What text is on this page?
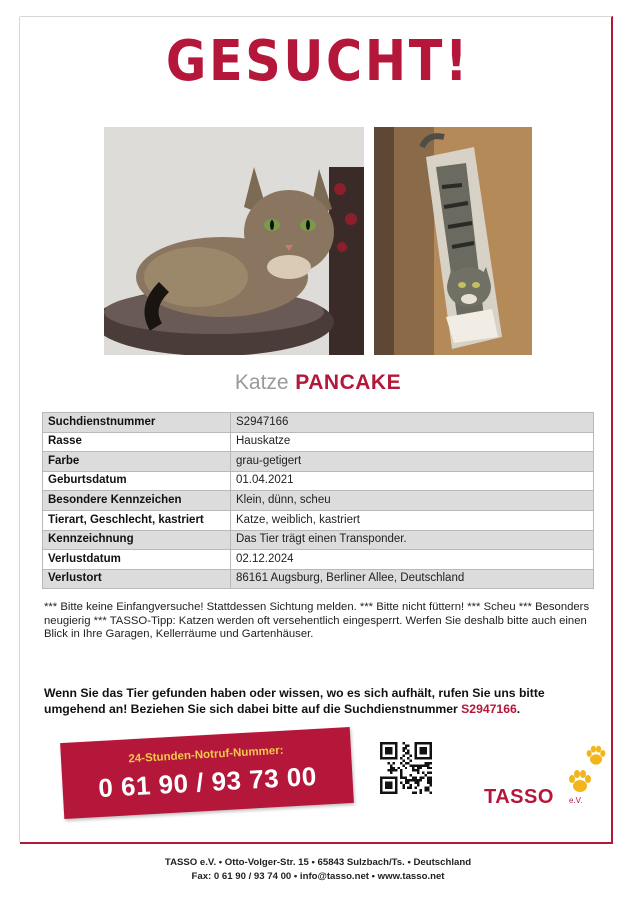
GESUCHT!
Katze PANCAKE
Suchdienstnummer	S2947166
Rasse	Hauskatze
Farbe	grau-getigert
Geburtsdatum	01.04.2021
Besondere Kennzeichen	Klein, dünn, scheu
Tierart, Geschlecht, kastriert	Katze, weiblich, kastriert
Kennzeichnung	Das Tier trägt einen Transponder.
Verlustdatum	02.12.2024
Verlustort	86161 Augsburg, Berliner Allee, Deutschland

*** Bitte keine Einfangversuche! Stattdessen Sichtung melden. *** Bitte nicht füttern! *** Scheu *** Besonders neugierig *** TASSO-Tipp: Katzen werden oft versehentlich eingesperrt. Werfen Sie deshalb bitte auch einen Blick in Ihre Garagen, Kellerräume und Gartenhäuser.

Wenn Sie das Tier gefunden haben oder wissen, wo es sich aufhält, rufen Sie uns bitte umgehend an! Beziehen Sie sich dabei bitte auf die Suchdienstnummer S2947166.

24-Stunden-Notruf-Nummer:
0 61 90 / 93 73 00	TASSO e.V.
TASSO e.V. • Otto-Volger-Str. 15 • 65843 Sulzbach/Ts. • Deutschland
Fax: 0 61 90 / 93 74 00 • info@tasso.net • www.tasso.net
